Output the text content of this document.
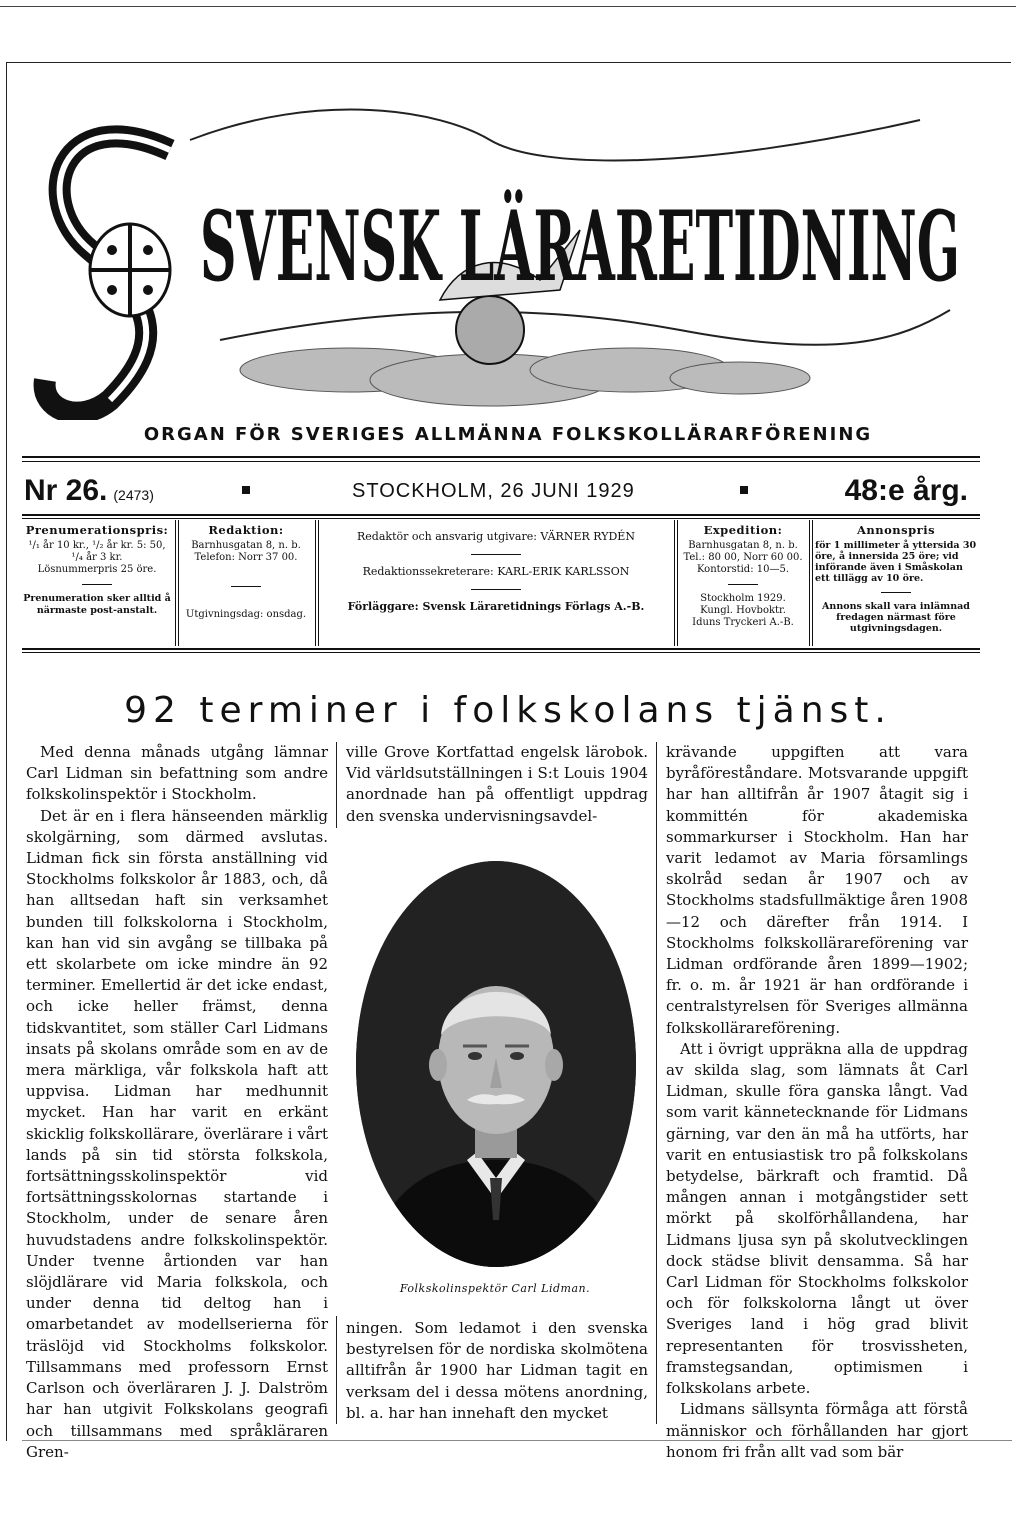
SVENSK LÄRARETIDNING
ORGAN FÖR SVERIGES ALLMÄNNA FOLKSKOLLÄRARFÖRENING
Nr 26. (2473)	STOCKHOLM, 26 JUNI 1929	48:e årg.
Prenumerationspris:
¹/₁ år 10 kr., ¹/₂ år kr. 5: 50,
¹/₄ år 3 kr.
Lösnummerpris 25 öre.
Prenumeration sker alltid å närmaste post-anstalt.
Redaktion:
Barnhusgatan 8, n. b.
Telefon: Norr 37 00.
Utgivningsdag: onsdag.

Redaktör och ansvarig utgivare: VÄRNER RYDÉN

Redaktionssekreterare: KARL-ERIK KARLSSON

Förläggare: Svensk Läraretidnings Förlags A.-B.

Expedition:
Barnhusgatan 8, n. b.
Tel.: 80 00, Norr 60 00.
Kontorstid: 10—5.
Stockholm 1929.
Kungl. Hovboktr.
Iduns Tryckeri A.-B.
Annonspris
för 1 millimeter å yttersida 30 öre, å innersida 25 öre; vid införande även i Småskolan ett tillägg av 10 öre.
Annons skall vara inlämnad fredagen närmast före utgivningsdagen.
92 terminer i folkskolans tjänst.

Med denna månads utgång lämnar Carl Lidman sin befattning som andre folkskolinspektör i Stockholm.

Det är en i flera hänseenden märklig skolgärning, som därmed avslutas. Lidman fick sin första anställning vid Stockholms folkskolor år 1883, och, då han alltsedan haft sin verksamhet bunden till folkskolorna i Stockholm, kan han vid sin avgång se tillbaka på ett skolarbete om icke mindre än 92 terminer. Emellertid är det icke endast, och icke heller främst, denna tidskvantitet, som ställer Carl Lidmans insats på skolans område som en av de mera märkliga, vår folkskola haft att uppvisa. Lidman har medhunnit mycket. Han har varit en erkänt skicklig folkskollärare, överlärare i vårt lands på sin tid största folkskola, fortsättningsskolinspektör vid fortsättningsskolornas startande i Stockholm, under de senare åren huvudstadens andre folkskolinspektör. Under tvenne årtionden var han slöjdlärare vid Maria folkskola, och under denna tid deltog han i omarbetandet av modellserierna för träslöjd vid Stockholms folkskolor. Tillsammans med professorn Ernst Carlson och överläraren J. J. Dalström har han utgivit Folkskolans geografi och tillsammans med språkläraren Gren-

ville Grove Kortfattad engelsk lärobok. Vid världsutställningen i S:t Louis 1904 anordnade han på offentligt uppdrag den svenska undervisningsavdel-

Folkskolinspektör Carl Lidman.

ningen. Som ledamot i den svenska bestyrelsen för de nordiska skolmötena alltifrån år 1900 har Lidman tagit en verksam del i dessa mötens anordning, bl. a. har han innehaft den mycket

krävande uppgiften att vara byråföreståndare. Motsvarande uppgift har han alltifrån år 1907 åtagit sig i kommittén för akademiska sommarkurser i Stockholm. Han har varit ledamot av Maria församlings skolråd sedan år 1907 och av Stockholms stadsfullmäktige åren 1908—12 och därefter från 1914. I Stockholms folkskollärareförening var Lidman ordförande åren 1899—1902; fr. o. m. år 1921 är han ordförande i centralstyrelsen för Sveriges allmänna folkskollärareförening.

Att i övrigt uppräkna alla de uppdrag av skilda slag, som lämnats åt Carl Lidman, skulle föra ganska långt. Vad som varit kännetecknande för Lidmans gärning, var den än må ha utförts, har varit en entusiastisk tro på folkskolans betydelse, bärkraft och framtid. Då mången annan i motgångstider sett mörkt på skolförhållandena, har Lidmans ljusa syn på skolutvecklingen dock städse blivit densamma. Så har Carl Lidman för Stockholms folkskolor och för folkskolorna långt ut över Sveriges land i hög grad blivit representanten för trosvissheten, framstegsandan, optimismen i folkskolans arbete.

Lidmans sällsynta förmåga att förstå människor och förhållanden har gjort honom fri från allt vad som bär
